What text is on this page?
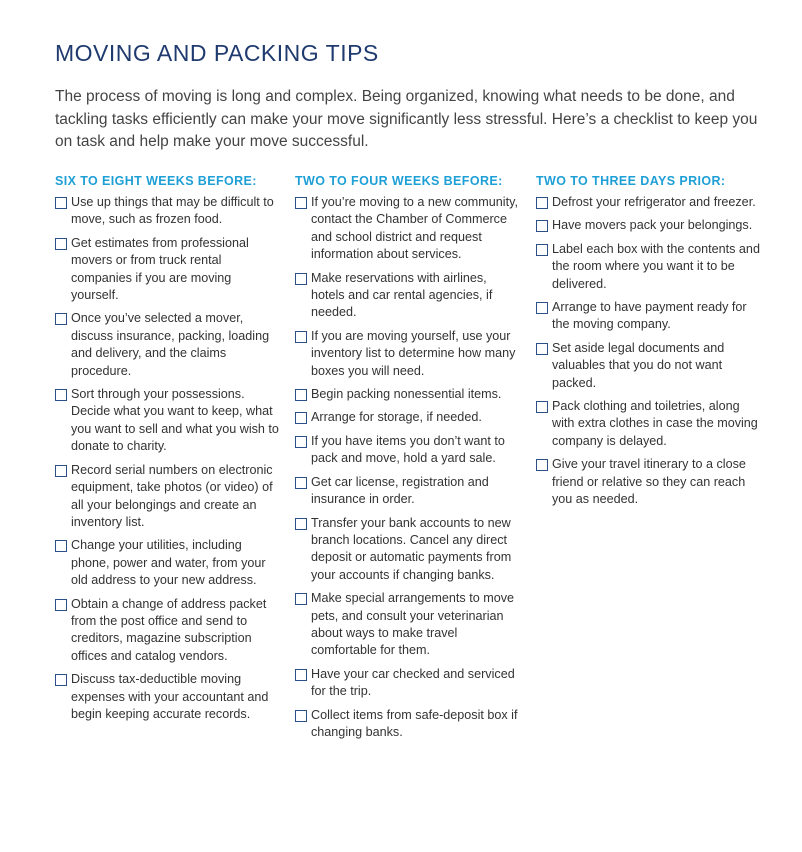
MOVING AND PACKING TIPS

The process of moving is long and complex. Being organized, knowing what needs to be done, and tackling tasks efficiently can make your move significantly less stressful. Here’s a checklist to keep you on task and help make your move successful.

SIX TO EIGHT WEEKS BEFORE:
Use up things that may be difficult to move, such as frozen food.
Get estimates from professional movers or from truck rental companies if you are moving yourself.
Once you’ve selected a mover, discuss insurance, packing, loading and delivery, and the claims procedure.
Sort through your possessions. Decide what you want to keep, what you want to sell and what you wish to donate to charity.
Record serial numbers on electronic equipment, take photos (or video) of all your belongings and create an inventory list.
Change your utilities, including phone, power and water, from your old address to your new address.
Obtain a change of address packet from the post office and send to creditors, magazine subscription offices and catalog vendors.
Discuss tax-deductible moving expenses with your accountant and begin keeping accurate records.
TWO TO FOUR WEEKS BEFORE:
If you’re moving to a new community, contact the Chamber of Commerce and school district and request information about services.
Make reservations with airlines, hotels and car rental agencies, if needed.
If you are moving yourself, use your inventory list to determine how many boxes you will need.
Begin packing nonessential items.
Arrange for storage, if needed.
If you have items you don’t want to pack and move, hold a yard sale.
Get car license, registration and insurance in order.
Transfer your bank accounts to new branch locations. Cancel any direct deposit or automatic payments from your accounts if changing banks.
Make special arrangements to move pets, and consult your veterinarian about ways to make travel comfortable for them.
Have your car checked and serviced for the trip.
Collect items from safe-deposit box if changing banks.
TWO TO THREE DAYS PRIOR:
Defrost your refrigerator and freezer.
Have movers pack your belongings.
Label each box with the contents and the room where you want it to be delivered.
Arrange to have payment ready for the moving company.
Set aside legal documents and valuables that you do not want packed.
Pack clothing and toiletries, along with extra clothes in case the moving company is delayed.
Give your travel itinerary to a close friend or relative so they can reach you as needed.
